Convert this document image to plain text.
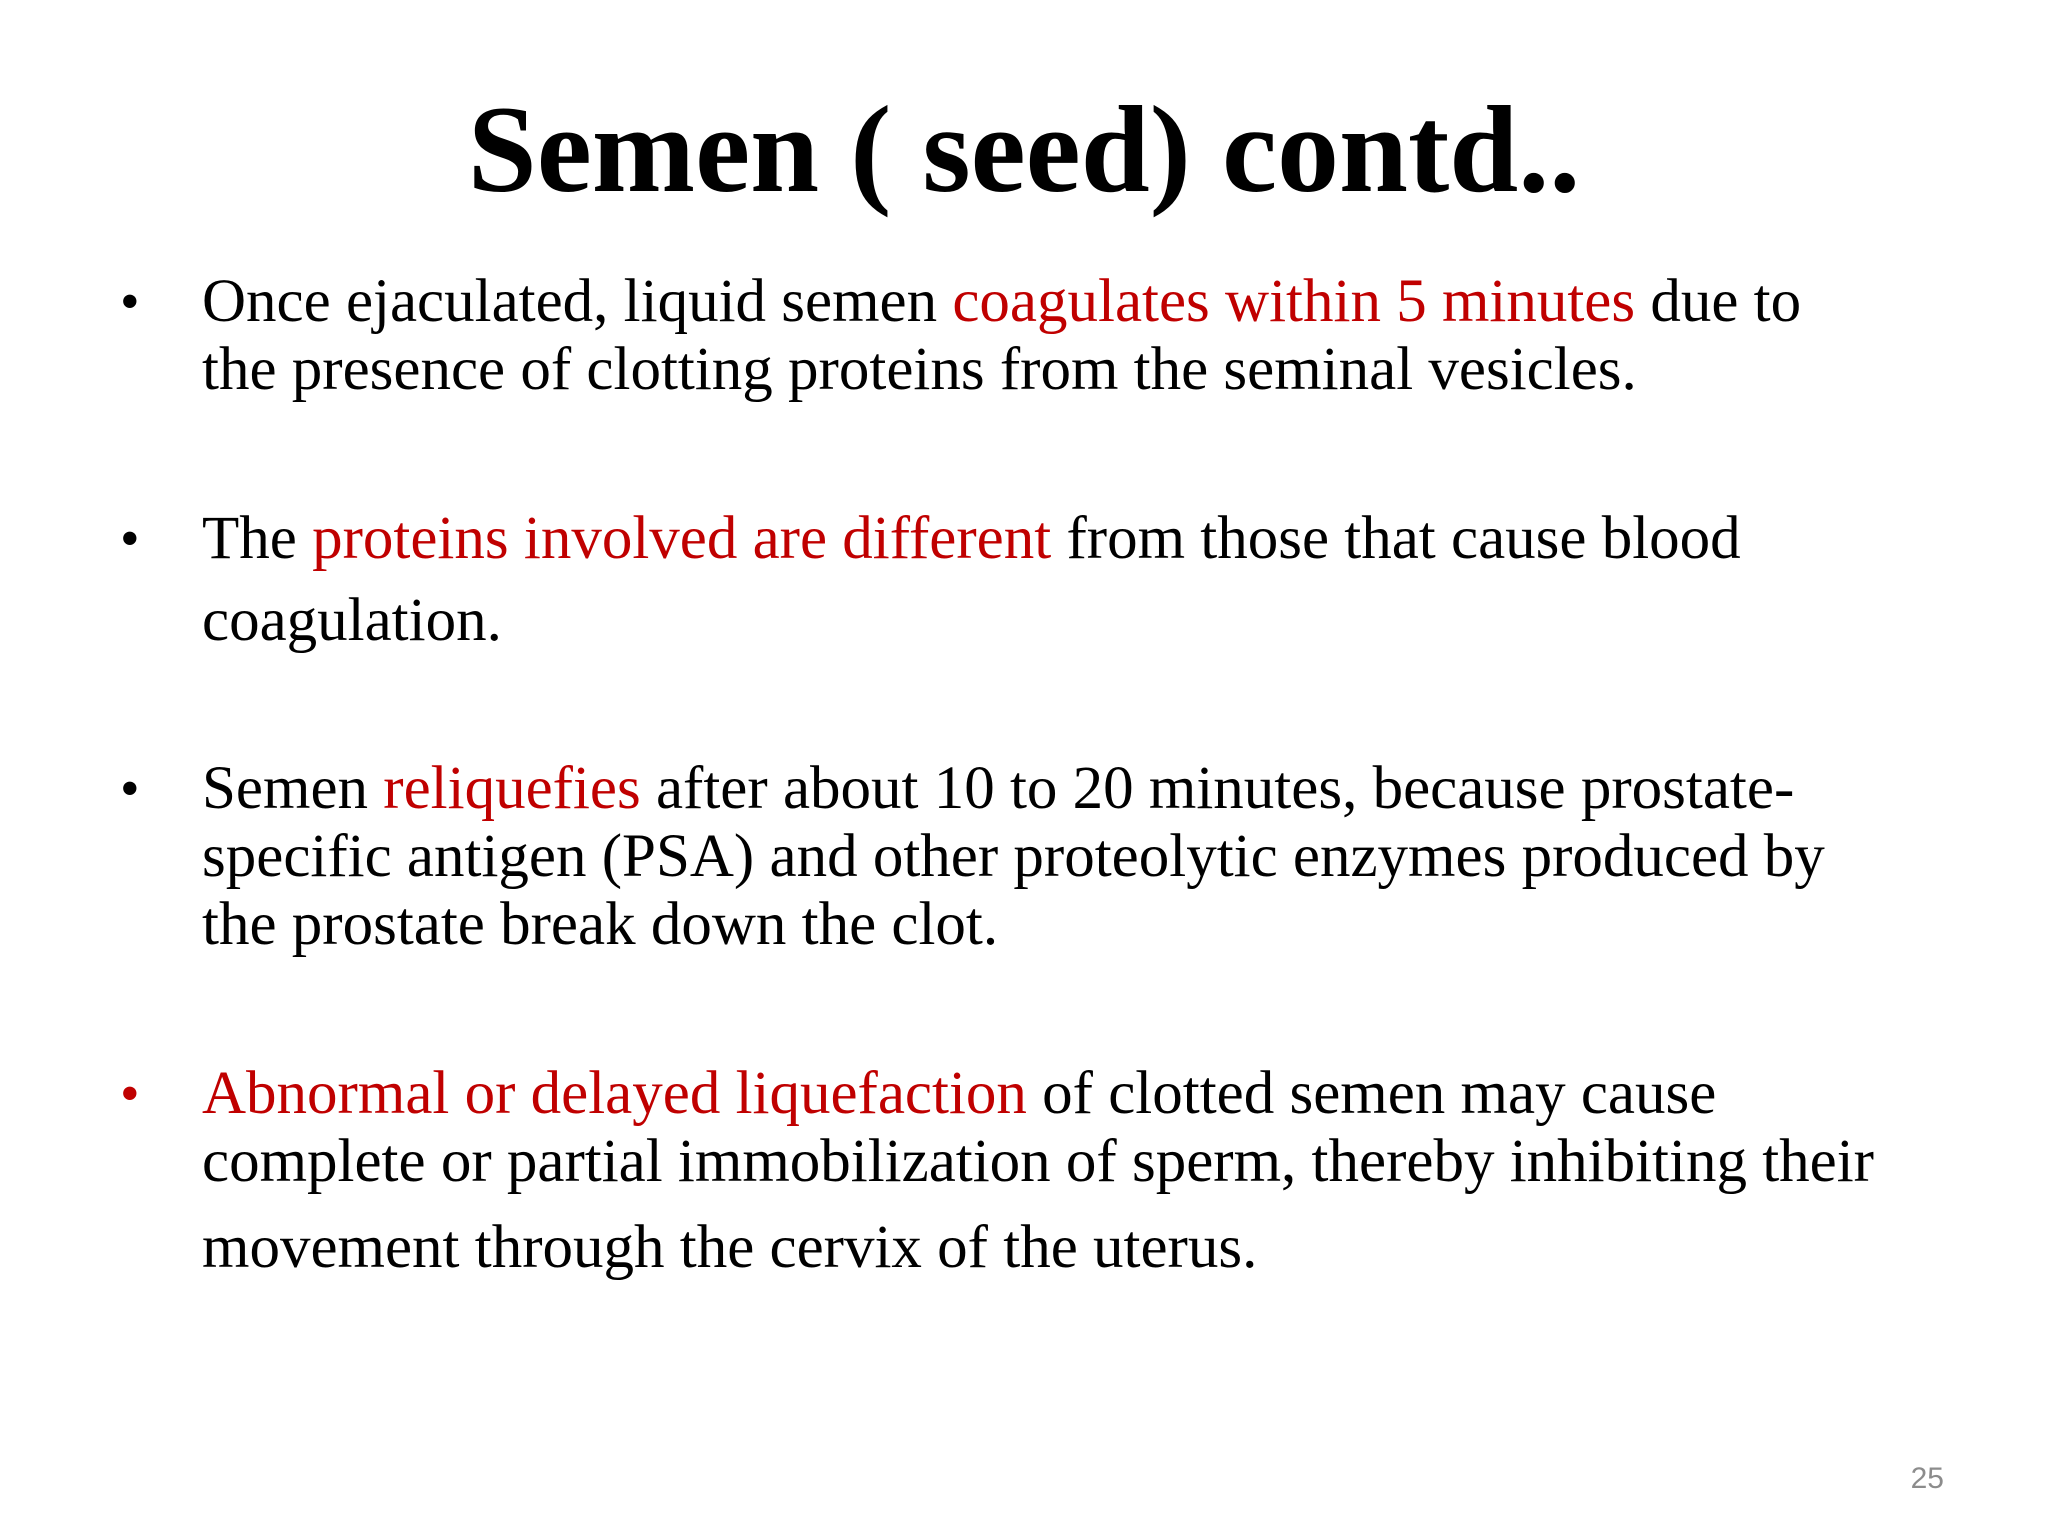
Semen ( seed) contd..
•	Once ejaculated, liquid semen coagulates within 5 minutes due to
the presence of clotting proteins from the seminal vesicles.
•	The proteins involved are different from those that cause blood
coagulation.
•	Semen reliquefies after about 10 to 20 minutes, because prostate-
specific antigen (PSA) and other proteolytic enzymes produced by
the prostate break down the clot.
•	Abnormal or delayed liquefaction of clotted semen may cause
complete or partial immobilization of sperm, thereby inhibiting their
movement through the cervix of the uterus.
25
